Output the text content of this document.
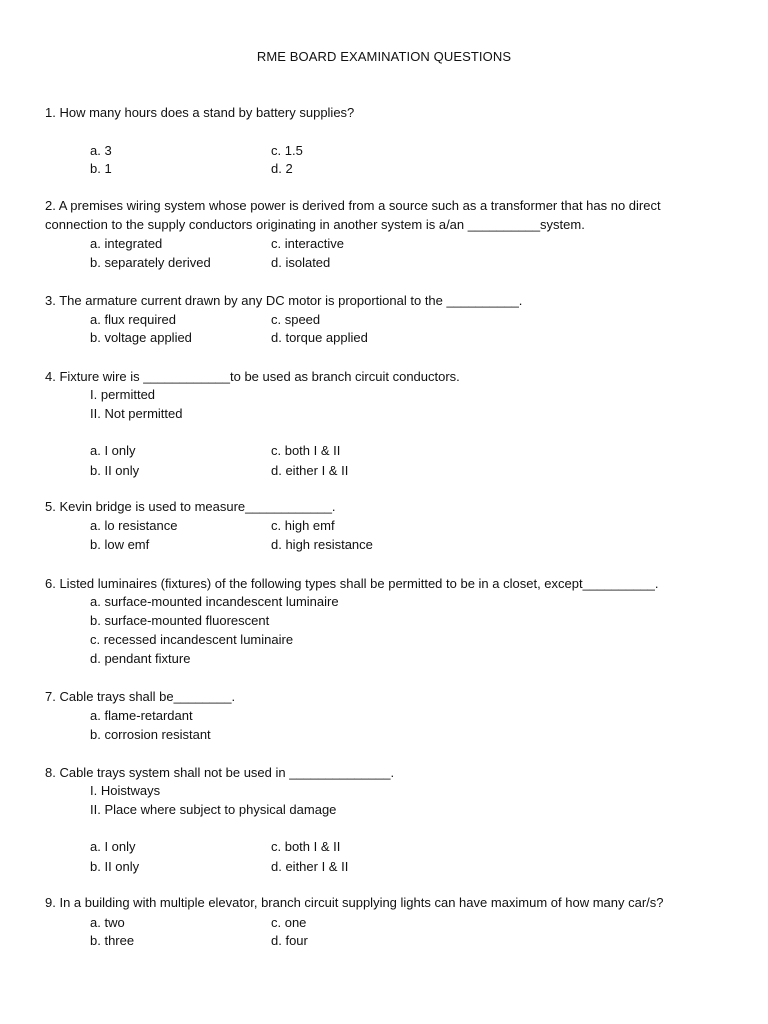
RME BOARD EXAMINATION QUESTIONS
1. How many hours does a stand by battery supplies?
a. 3	c. 1.5
b. 1	d. 2
2. A premises wiring system whose power is derived from a source such as a transformer that has no direct
connection to the supply conductors originating in another system is a/an __________system.
a. integrated	c. interactive
b. separately derived	d. isolated
3. The armature current drawn by any DC motor is proportional to the __________.
a. flux required	c. speed
b. voltage applied	d. torque applied
4. Fixture wire is ____________to be used as branch circuit conductors.
I. permitted
II. Not permitted
a. I only	c. both I & II
b. II only	d. either I & II
5. Kevin bridge is used to measure____________.
a. lo resistance	c. high emf
b. low emf	d. high resistance
6. Listed luminaires (fixtures) of the following types shall be permitted to be in a closet, except__________.
a. surface-mounted incandescent luminaire
b. surface-mounted fluorescent
c. recessed incandescent luminaire
d. pendant fixture
7. Cable trays shall be________.
a. flame-retardant
b. corrosion resistant
8. Cable trays system shall not be used in ______________.
I. Hoistways
II. Place where subject to physical damage
a. I only	c. both I & II
b. II only	d. either I & II
9. In a building with multiple elevator, branch circuit supplying lights can have maximum of how many car/s?
a. two	c. one
b. three	d. four
